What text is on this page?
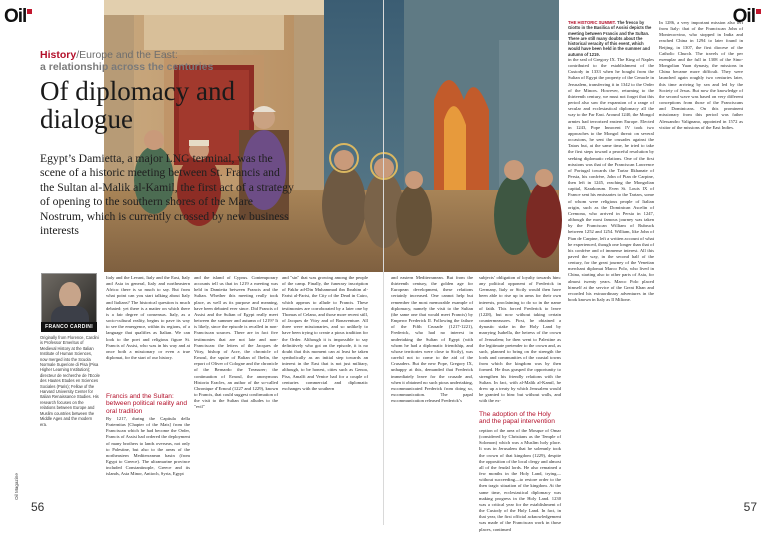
Oil	Oil
History/Europe and the East:
a relationship across the centuries
Of diplomacy and dialogue

Egypt’s Damietta, a major LNG terminal, was the scene of a historic meeting between St. Francis and the Sultan al-Malik al-Kamil, the first act of a strategy of opening to the southern shores of the Mare Nostrum, which is currently crossed by new business interests

FRANCO CARDINI

Originally from Florence, Cardini is Professor Emeritus of Medieval History at the Italian Institute of Human Sciences, now merged into the Scuola Normale Superiore di Pisa (Pisa Higher Learning Institution); directeur de recherche de l’Ecole des Hautes Etudes en Sciences Sociales (Paris); Fellow of the Harvard University Center for Italian Renaissance Studies. His research focuses on the relations between Europe and Muslim countries between the Middle Ages and the modern era.

Italy and the Levant, Italy and the East, Italy and Asia in general, Italy and northeastern Africa: there is so much to say. But from what point can you start talking about Italy and Italians? The historical question is much debated: yet there is a matter on which there is a fair degree of consensus. Italy, as a socio-cultural reality, begins to pave its way to see the emergence, within its regions, of a language that qualifies as Italian. We can look to the poet and religious figure St. Francis of Assisi, who was in his way and at once both a missionary or even a true diplomat, for the start of our history.

Francis and the Sultan: between political reality and oral tradition

By 1217, during the Capitula della Fraternitas [Chapter of the Mats] from the Franciscan which he had become the Order, Francis of Assisi had ordered the deployment of many brothers to lands overseas, not only to Palestine, but also to the areas of the northeastern Mediterranean basin (from Egypt to Greece). The ultramarine province included Constantinople, Greece and its islands, Asia Minor, Antioch, Syria, Egypt

and the island of Cyprus. Contemporary accounts tell us that in 1219 a meeting was held in Damietta between Francis and the Sultan. Whether this meeting really took place, as well as its purpose and meaning, have been debated ever since. Did Francis of Assisi and the Sultan of Egypt really meet between the summer and autumn of 1219? It is likely, since the episode is recalled in non-Franciscan sources. There are in fact five testimonies that are not late and non-Franciscan: the letters of the Jacques de Vitry, bishop of Acre, the chronicle of Ernoul, the squire of Balian of Ibelin, the report of Oliver of Cologne and the chronicle of the Bernardo the Treasurer; the continuation of Ernoul, the anonymous Historia Eracles, an author of the so-called Chronique d’Ernoul (1227 and 1229), known to Francis, that could suggest confirmation of the visit to the Sultan that alludes to the "evil"

and "sin" that was growing among the people of the camp. Finally, the funerary inscription of Fakhr ad-Din Muhammad ibn Ibrahim al-Farisi al-Farisi, the City of the Dead in Cairo, which appears to allude to Francis. These testimonies are corroborated by a later one by Thomas of Celano, and those more recent still, of Jacques de Vitry and of Bonaventure. All three were missionaries, and so unlikely to have been trying to create a pious tradition for the Order. Although it is impossible to say definitively who got on the episode, it is no doubt that this moment can at least be taken symbolically as an initial step towards an interest in the East that is not just military, although, to be honest, cities such as Genoa, Pisa, Amalfi and Venice had for a couple of centuries commercial and diplomatic exchanges with the southern

and eastern Mediterranean. But from the thirteenth century, the golden age for European development, these relations certainly increased. One cannot help but remember the most memorable example of diplomacy, namely the visit to the Sultan (the same one that would meet Francis) by Emperor Frederick II. Following the failure of the Fifth Crusade (1217-1221), Frederick, who had no interest in undertaking the Sultan of Egypt (with whom he had a diplomatic friendship, and whose territories were close to Sicily), was careful not to come to the aid of the Crusaders. But the new Pope, Gregory IX, unhappy at this, demanded that Frederick immediately leave for the crusade and, when it obtained no such pious undertaking, excommunicated Frederick from doing so, excommunication. The papal excommunication released Frederick’s

subjects’ obligation of loyalty towards him: any political opponent of Frederick in Germany, Italy or Sicily would then have been able to rise up in arms for their own interests, proclaiming to do so in the name of faith. This forced Frederick to leave (1228), but now without taking certain countermeasures. First, he obtained a dynastic stake in the Holy Land by marrying Isabella, the heiress of the crown of Jerusalem; he then went to Palestine as the legitimate pretender to the crown and, as such, planned to bring on the strength the lords and communities of the coastal towns from which the kingdom was by then formed. He thus grasped the opportunity to strengthen his friendly relations with the Sultan. In fact, with al-Malik al-Kamil, he drew up a treaty by which Jerusalem would be granted to him: but without walls, and with the ex-

The adoption of the Holy and the papal intervention

ception of the area of the Mosque of Omar (considered by Christians as the Temple of Solomon) which was a Muslim holy place. It was in Jerusalem that he solemnly took the crown of that kingdom (1229), despite the opposition of the local clergy and almost all of the feudal lords. He also remained a few months in the Holy Land, trying—without succeeding—to restore order to the then tragic situation of the kingdom. At the same time, ecclesiastical diplomacy was making progress in the Holy Land. 1230 was a critical year for the establishment of the Custody of the Holy Land. In fact, in that year, the first official acknowledgement was made of the Franciscan work in those places, continued

THE HISTORIC SUMMIT. The fresco by Giotto in the Basilica of Assisi depicts the meeting between Francis and the Sultan. There are still many doubts about the historical veracity of this event, which would have been held in the summer and autumn of 1219.

in the seal of Gregory IX. The King of Naples contributed to the establishment of the Custody in 1333 when he bought from the Sultan of Egypt the property of the Cenacle in Jerusalem, transferring it in 1342 to the Order of the Minors. However, returning to the thirteenth century, we must not forget that this period also saw the expansion of a range of secular and ecclesiastical diplomacy all the way to the Far East. Around 1240, the Mongol armies had terrorized eastern Europe. Elected in 1243, Pope Innocent IV took two approaches to the Mongol threat: on several occasions, he sent the crusades against the Tatars but, at the same time, he tried to take the first steps toward a peaceful resolution by seeking diplomatic relations. One of the first missions was that of the Franciscan Lawrence of Portugal towards the Tartar Ilkhanate of Persia, his confrère, John of Pian de Carpine, then left in 1245, reaching the Mongolian capital, Karakorum. Even St. Louis IX of France sent his emissaries to the Tartars, some of whom were religious people of Italian origin, such as the Dominican Ascelin of Cremona, who arrived in Persia in 1247, although the most famous journey was taken by the Franciscan William of Rubruck between 1252 and 1254. William, like John of Pian de Carpine, left a written account of what he experienced, though one longer than that of his confrère and of immense interest. All this paved the way, in the second half of the century, for the great journey of the Venetian merchant diplomat Marco Polo, who lived in China, starting also to other parts of Asia, for almost twenty years. Marco Polo placed himself at the service of the Great Khan and recorded his extraordinary adventures in the book known in Italy as Il Milione.

In 1286, a very important mission also left from Italy: that of the Franciscan John of Montecorvino, who stopped in India and reached China in 1294 to later found in Beijing, in 1307, the first diocese of the Catholic Church. The travels of the per exemplar and the full in 1308 of the Sino-Mongolian Yuan dynasty, the missions in China became more difficult. They were launched again roughly two centuries later, this time arriving by sea and led by the Society of Jesus. But now the knowledge of the second wave was based on very different conceptions from those of the Franciscans and Dominicans. On this prominent missionary from this period was father Alessandro Valignano, appointed in 1572 as visitor of the missions of the East Indies.

Oil Magazine
56	57
